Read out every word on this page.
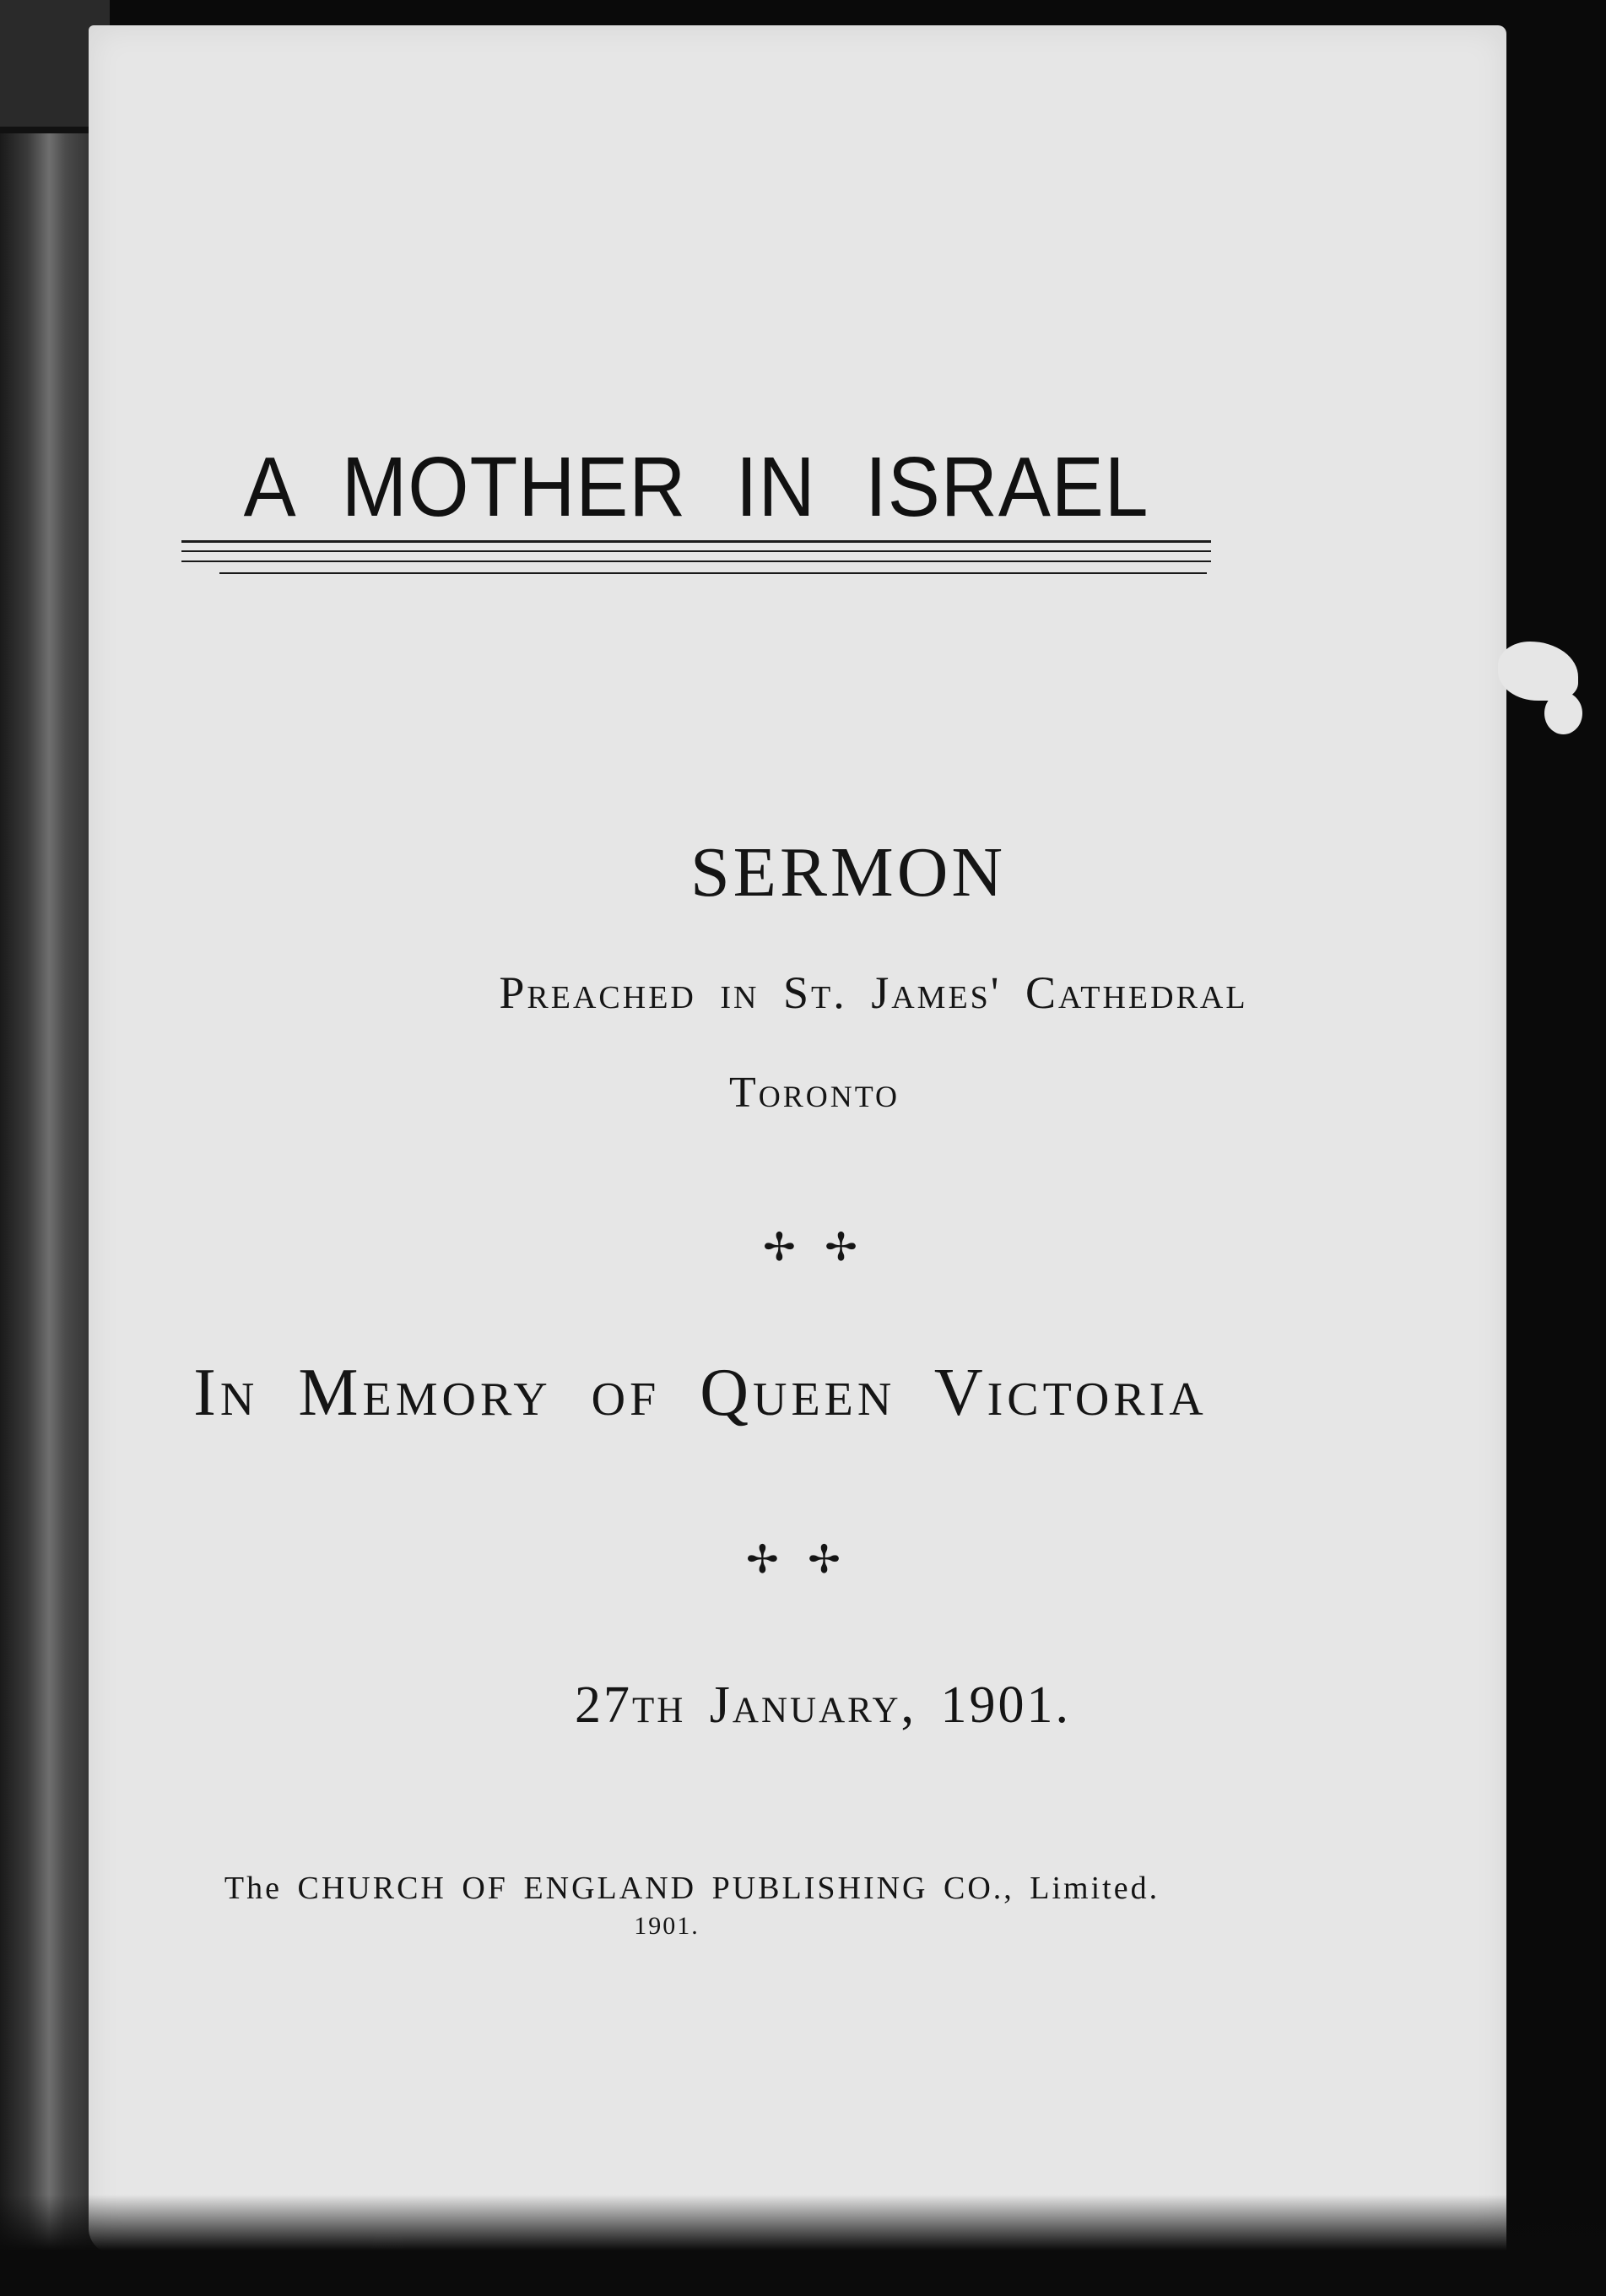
A MOTHER IN ISRAEL
SERMON
Preached in St. James' Cathedral
Toronto
✢ ✢
In Memory of Queen Victoria
✢ ✢
27th January, 1901.
The CHURCH OF ENGLAND PUBLISHING CO., Limited.
1901.
